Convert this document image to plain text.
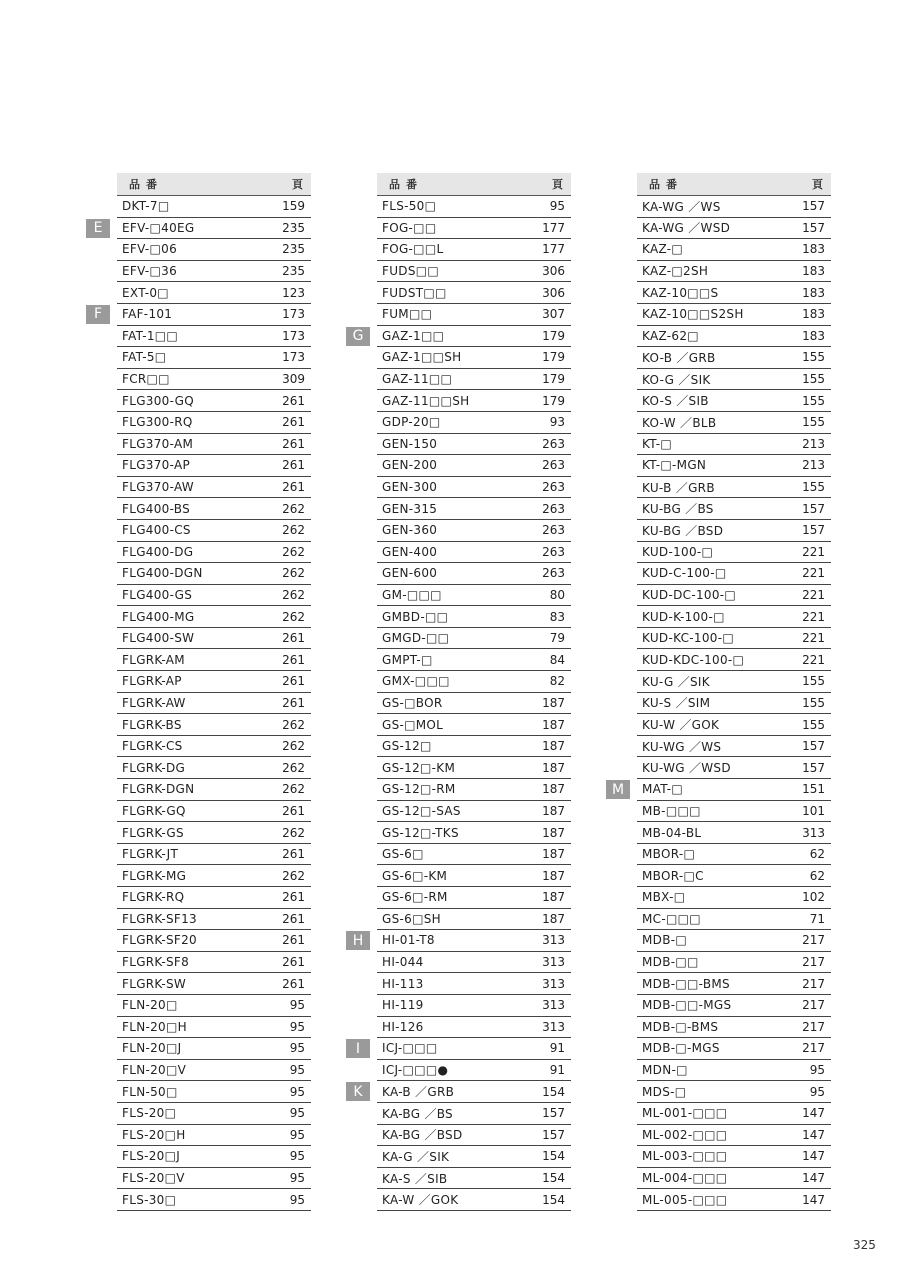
品番	頁
DKT-7□	159
E	EFV-□40EG	235
EFV-□06	235
EFV-□36	235
EXT-0□	123
F	FAF-101	173
FAT-1□□	173
FAT-5□	173
FCR□□	309
FLG300-GQ	261
FLG300-RQ	261
FLG370-AM	261
FLG370-AP	261
FLG370-AW	261
FLG400-BS	262
FLG400-CS	262
FLG400-DG	262
FLG400-DGN	262
FLG400-GS	262
FLG400-MG	262
FLG400-SW	261
FLGRK-AM	261
FLGRK-AP	261
FLGRK-AW	261
FLGRK-BS	262
FLGRK-CS	262
FLGRK-DG	262
FLGRK-DGN	262
FLGRK-GQ	261
FLGRK-GS	262
FLGRK-JT	261
FLGRK-MG	262
FLGRK-RQ	261
FLGRK-SF13	261
FLGRK-SF20	261
FLGRK-SF8	261
FLGRK-SW	261
FLN-20□	95
FLN-20□H	95
FLN-20□J	95
FLN-20□V	95
FLN-50□	95
FLS-20□	95
FLS-20□H	95
FLS-20□J	95
FLS-20□V	95
FLS-30□	95
品番	頁
FLS-50□	95
FOG-□□	177
FOG-□□L	177
FUDS□□	306
FUDST□□	306
FUM□□	307
G	GAZ-1□□	179
GAZ-1□□SH	179
GAZ-11□□	179
GAZ-11□□SH	179
GDP-20□	93
GEN-150	263
GEN-200	263
GEN-300	263
GEN-315	263
GEN-360	263
GEN-400	263
GEN-600	263
GM-□□□	80
GMBD-□□	83
GMGD-□□	79
GMPT-□	84
GMX-□□□	82
GS-□BOR	187
GS-□MOL	187
GS-12□	187
GS-12□-KM	187
GS-12□-RM	187
GS-12□-SAS	187
GS-12□-TKS	187
GS-6□	187
GS-6□-KM	187
GS-6□-RM	187
GS-6□SH	187
H	HI-01-T8	313
HI-044	313
HI-113	313
HI-119	313
HI-126	313
I	ICJ-□□□	91
ICJ-□□□●	91
K	KA-B ／GRB	154
KA-BG ／BS	157
KA-BG ／BSD	157
KA-G ／SIK	154
KA-S ／SIB	154
KA-W ／GOK	154
品番	頁
KA-WG ／WS	157
KA-WG ／WSD	157
KAZ-□	183
KAZ-□2SH	183
KAZ-10□□S	183
KAZ-10□□S2SH	183
KAZ-62□	183
KO-B ／GRB	155
KO-G ／SIK	155
KO-S ／SIB	155
KO-W ／BLB	155
KT-□	213
KT-□-MGN	213
KU-B ／GRB	155
KU-BG ／BS	157
KU-BG ／BSD	157
KUD-100-□	221
KUD-C-100-□	221
KUD-DC-100-□	221
KUD-K-100-□	221
KUD-KC-100-□	221
KUD-KDC-100-□	221
KU-G ／SIK	155
KU-S ／SIM	155
KU-W ／GOK	155
KU-WG ／WS	157
KU-WG ／WSD	157
M	MAT-□	151
MB-□□□	101
MB-04-BL	313
MBOR-□	62
MBOR-□C	62
MBX-□	102
MC-□□□	71
MDB-□	217
MDB-□□	217
MDB-□□-BMS	217
MDB-□□-MGS	217
MDB-□-BMS	217
MDB-□-MGS	217
MDN-□	95
MDS-□	95
ML-001-□□□	147
ML-002-□□□	147
ML-003-□□□	147
ML-004-□□□	147
ML-005-□□□	147
325
